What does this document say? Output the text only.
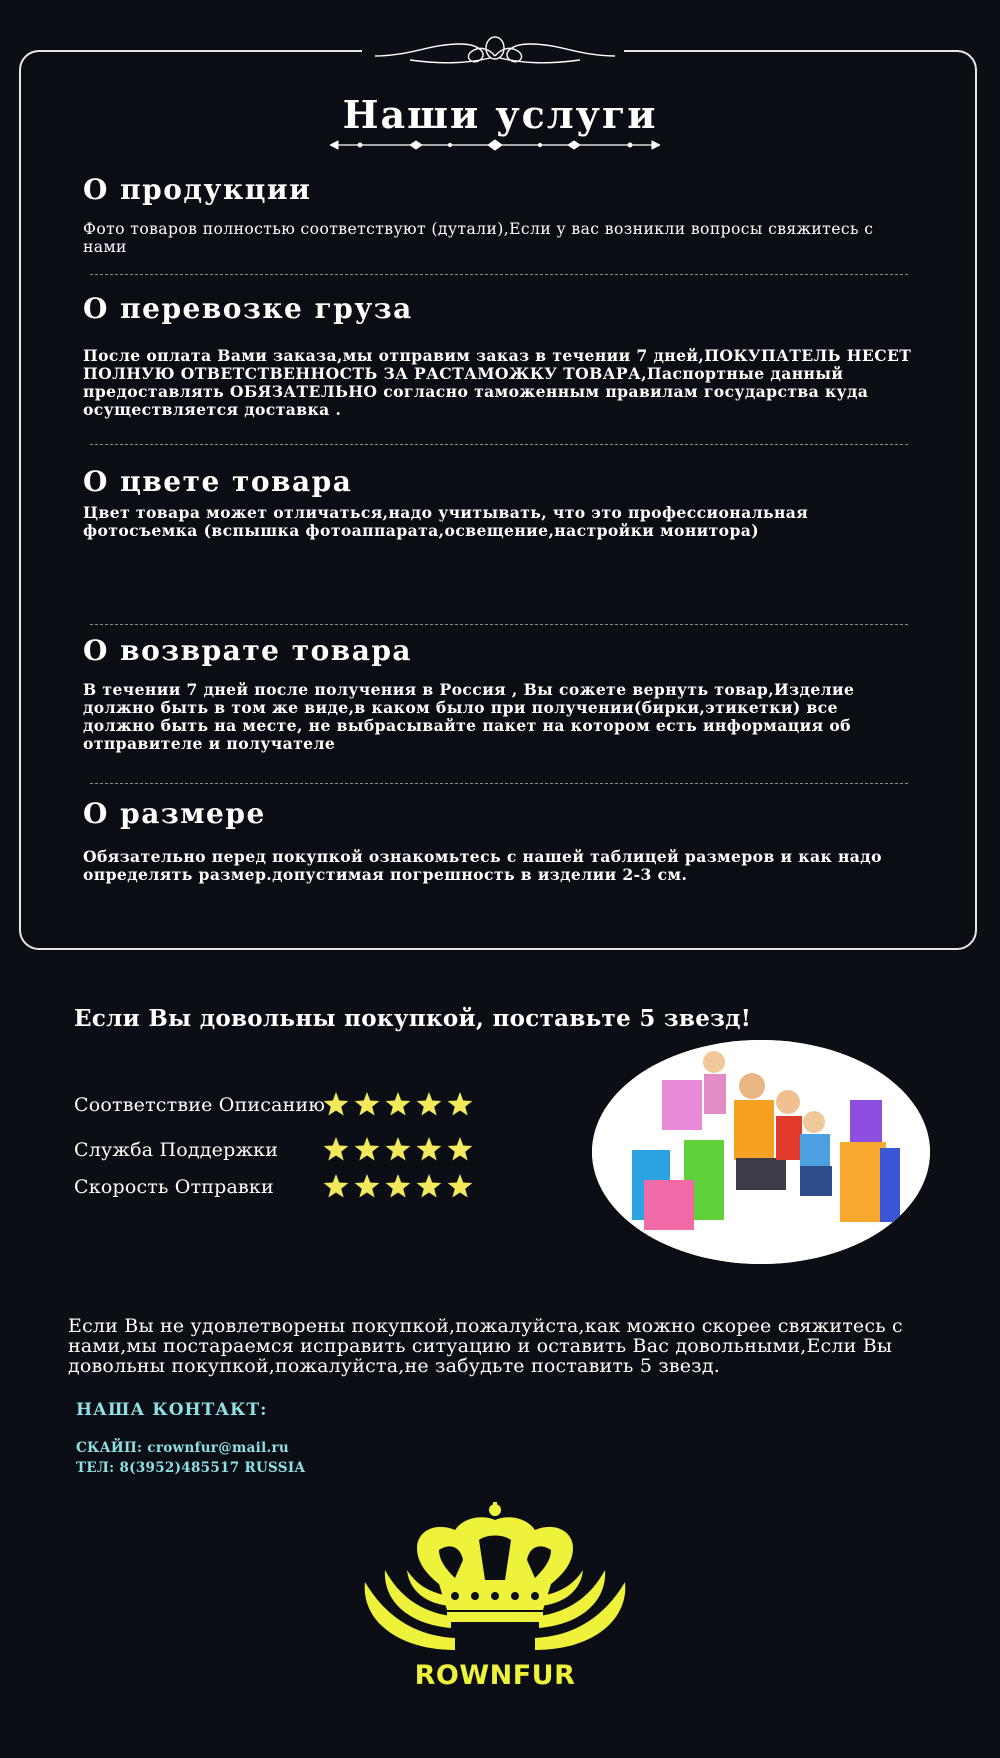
Наши услуги
О продукции

Фото товаров полностью соответствуют (дутали),Если у вас возникли вопросы свяжитесь с нами

О перевозке груза

После оплата Вами заказа,мы отправим заказ в течении 7 дней,ПОКУПАТЕЛЬ НЕСЕТ ПОЛНУЮ ОТВЕТСТВЕННОСТЬ ЗА РАСТАМОЖКУ ТОВАРА,Паспортные данный предоставлять ОБЯЗАТЕЛЬНО согласно таможенным правилам государства куда осуществляется доставка .

О цвете товара

Цвет товара может отличаться,надо учитывать, что это профессиональная фотосъемка (вспышка фотоаппарата,освещение,настройки монитора)

О возврате товара

В течении 7 дней после получения в Россия , Вы сожете вернуть товар,Изделие должно быть в том же виде,в каком было при получении(бирки,этикетки) все должно быть на месте, не выбрасывайте пакет на котором есть информация об отправителе и получателе

О размере

Обязательно перед покупкой ознакомьтесь с нашей таблицей размеров и как надо определять размер.допустимая погрешность в изделии 2-3 см.

Если Вы довольны покупкой, поставьте 5 звезд!
Соответствие Описанию
Служба Поддержки
Скорость Отправки

Если Вы не удовлетворены покупкой,пожалуйста,как можно скорее свяжитесь с нами,мы постараемся исправить ситуацию и оставить Вас довольными,Если Вы довольны покупкой,пожалуйста,не забудьте поставить 5 звезд.

НАША КОНТАКТ:

СКАЙП: crownfur@mail.ru

ТЕЛ: 8(3952)485517 RUSSIA

ROWNFUR
